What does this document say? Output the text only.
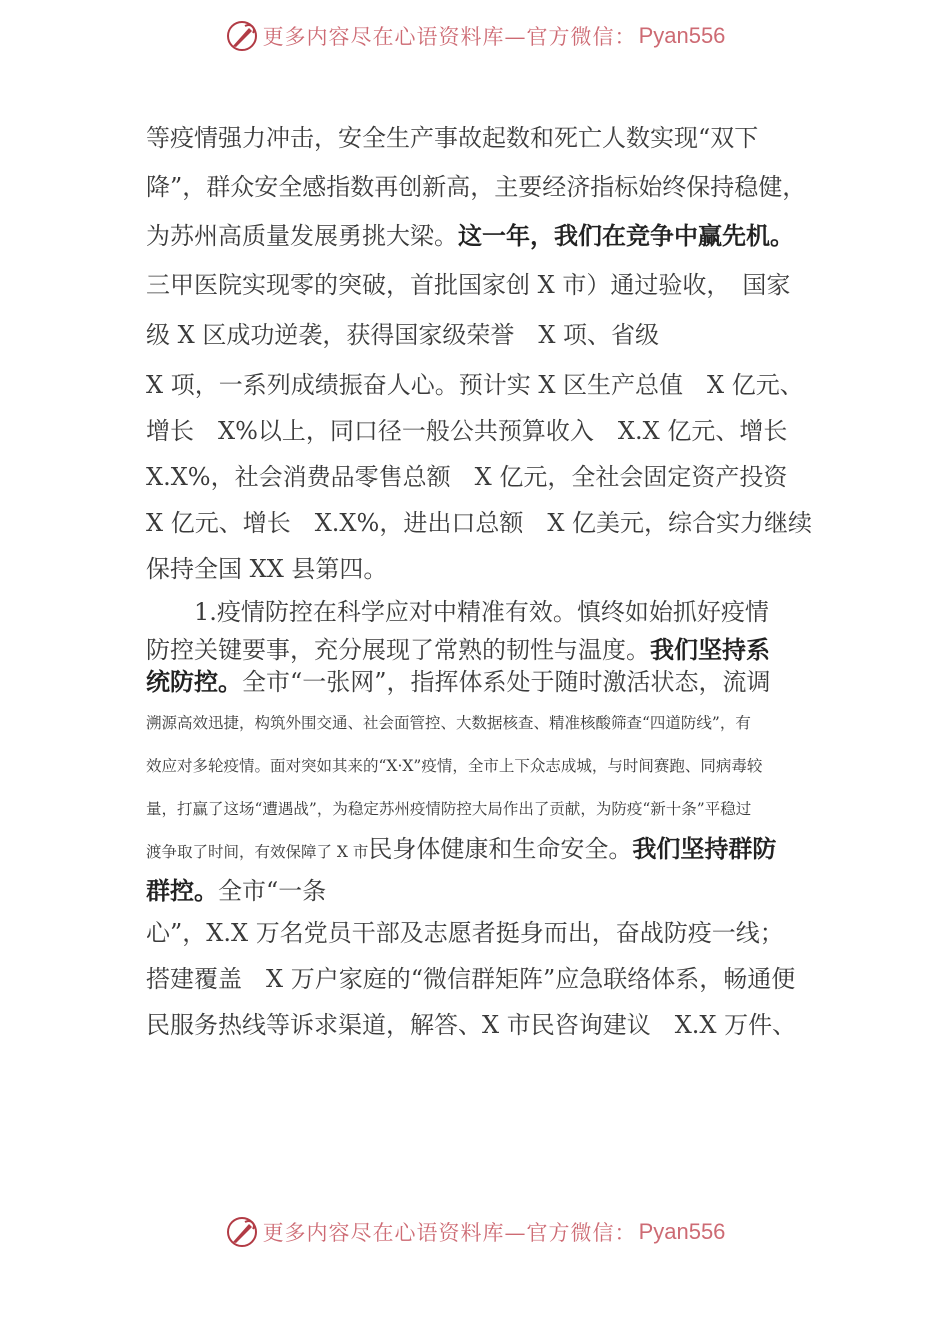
更多内容尽在心语资料库—官方微信： Pyan556
等疫情强力冲击，安全生产事故起数和死亡人数实现“双下
降”，群众安全感指数再创新高，主要经济指标始终保持稳健，
为苏州高质量发展勇挑大梁。这一年，我们在竞争中赢先机。
三甲医院实现零的突破，首批国家创 X 市）通过验收，　国家
级 X 区成功逆袭，获得国家级荣誉　X 项、省级
X 项，一系列成绩振奋人心。预计实 X 区生产总值　X 亿元、
增长　X%以上，同口径一般公共预算收入　X.X 亿元、增长
X.X%，社会消费品零售总额　X 亿元，全社会固定资产投资
X 亿元、增长　X.X%，进出口总额　X 亿美元，综合实力继续
保持全国 XX 县第四。
1.疫情防控在科学应对中精准有效。慎终如始抓好疫情
防控关键要事，充分展现了常熟的韧性与温度。我们坚持系
统防控。全市“一张网”，指挥体系处于随时激活状态，流调
溯源高效迅捷，构筑外围交通、社会面管控、大数据核查、精准核酸筛查“四道防线”，有
效应对多轮疫情。面对突如其来的“X·X”疫情，全市上下众志成城，与时间赛跑、同病毒较
量，打赢了这场“遭遇战”，为稳定苏州疫情防控大局作出了贡献，为防疫“新十条”平稳过
渡争取了时间，有效保障了 X 市民身体健康和生命安全。我们坚持群防
群控。全市“一条
心”，X.X 万名党员干部及志愿者挺身而出，奋战防疫一线；
搭建覆盖　X 万户家庭的“微信群矩阵”应急联络体系，畅通便
民服务热线等诉求渠道，解答、X 市民咨询建议　X.X 万件、
更多内容尽在心语资料库—官方微信： Pyan556
